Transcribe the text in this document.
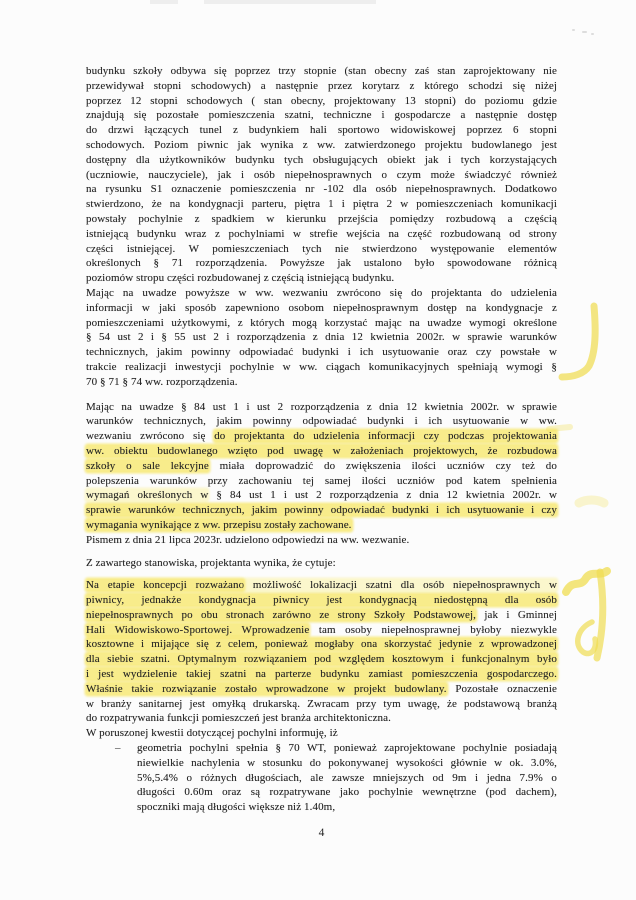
budynku szkoły odbywa się poprzez trzy stopnie (stan obecny zaś stan zaprojektowany nie
przewidywał stopni schodowych) a następnie przez korytarz z którego schodzi się niżej
poprzez 12 stopni schodowych ( stan obecny, projektowany 13 stopni) do poziomu gdzie
znajdują się pozostałe pomieszczenia szatni, techniczne i gospodarcze a następnie dostęp
do drzwi łączących tunel z budynkiem hali sportowo widowiskowej poprzez 6 stopni
schodowych. Poziom piwnic jak wynika z ww. zatwierdzonego projektu budowlanego jest
dostępny dla użytkowników budynku tych obsługujących obiekt jak i tych korzystających
(uczniowie, nauczyciele), jak i osób niepełnosprawnych o czym może świadczyć również
na rysunku S1 oznaczenie pomieszczenia nr -102 dla osób niepełnosprawnych. Dodatkowo
stwierdzono, że na kondygnacji parteru, piętra 1 i piętra 2 w pomieszczeniach komunikacji
powstały pochylnie z spadkiem w kierunku przejścia pomiędzy rozbudową a częścią
istniejącą budynku wraz z pochylniami w strefie wejścia na część rozbudowaną od strony
części istniejącej. W pomieszczeniach tych nie stwierdzono występowanie elementów
określonych § 71 rozporządzenia. Powyższe jak ustalono było spowodowane różnicą
poziomów stropu części rozbudowanej z częścią istniejącą budynku.
Mając na uwadze powyższe w ww. wezwaniu zwrócono się do projektanta do udzielenia
informacji w jaki sposób zapewniono osobom niepełnosprawnym dostęp na kondygnacje z
pomieszczeniami użytkowymi, z których mogą korzystać mając na uwadze wymogi określone
§ 54 ust 2 i § 55 ust 2 i rozporządzenia z dnia 12 kwietnia 2002r. w sprawie warunków
technicznych, jakim powinny odpowiadać budynki i ich usytuowanie oraz czy powstałe w
trakcie realizacji inwestycji pochylnie w ww. ciągach komunikacyjnych spełniają wymogi §
70 § 71 § 74 ww. rozporządzenia.
Mając na uwadze § 84 ust 1 i ust 2 rozporządzenia z dnia 12 kwietnia 2002r. w sprawie
warunków technicznych, jakim powinny odpowiadać budynki i ich usytuowanie w ww.
wezwaniu zwrócono się do projektanta do udzielenia informacji czy podczas projektowania
ww. obiektu budowlanego wzięto pod uwagę w założeniach projektowych, że rozbudowa
szkoły o sale lekcyjne miała doprowadzić do zwiększenia ilości uczniów czy też do
polepszenia warunków przy zachowaniu tej samej ilości uczniów pod katem spełnienia
wymagań określonych w § 84 ust 1 i ust 2 rozporządzenia z dnia 12 kwietnia 2002r. w
sprawie warunków technicznych, jakim powinny odpowiadać budynki i ich usytuowanie i czy
wymagania wynikające z ww. przepisu zostały zachowane.
Pismem z dnia 21 lipca 2023r. udzielono odpowiedzi na ww. wezwanie.
Z zawartego stanowiska, projektanta wynika, że cytuje:
Na etapie koncepcji rozważano możliwość lokalizacji szatni dla osób niepełnosprawnych w
piwnicy, jednakże kondygnacja piwnicy jest kondygnacją niedostępną dla osób
niepełnosprawnych po obu stronach zarówno ze strony Szkoły Podstawowej, jak i Gminnej
Hali Widowiskowo-Sportowej. Wprowadzenie tam osoby niepełnosprawnej byłoby niezwykle
kosztowne i mijające się z celem, ponieważ mogłaby ona skorzystać jedynie z wprowadzonej
dla siebie szatni. Optymalnym rozwiązaniem pod względem kosztowym i funkcjonalnym było
i jest wydzielenie takiej szatni na parterze budynku zamiast pomieszczenia gospodarczego.
Właśnie takie rozwiązanie zostało wprowadzone w projekt budowlany. Pozostałe oznaczenie
w branży sanitarnej jest omyłką drukarską. Zwracam przy tym uwagę, że podstawową branżą
do rozpatrywania funkcji pomieszczeń jest branża architektoniczna.
W poruszonej kwestii dotyczącej pochylni informuję, iż
– geometria pochylni spełnia § 70 WT, ponieważ zaprojektowane pochylnie posiadają
niewielkie nachylenia w stosunku do pokonywanej wysokości głównie w ok. 3.0%,
5%,5.4% o różnych długościach, ale zawsze mniejszych od 9m i jedna 7.9% o
długości 0.60m oraz są rozpatrywane jako pochylnie wewnętrzne (pod dachem),
spoczniki mają długości większe niż 1.40m,
4
